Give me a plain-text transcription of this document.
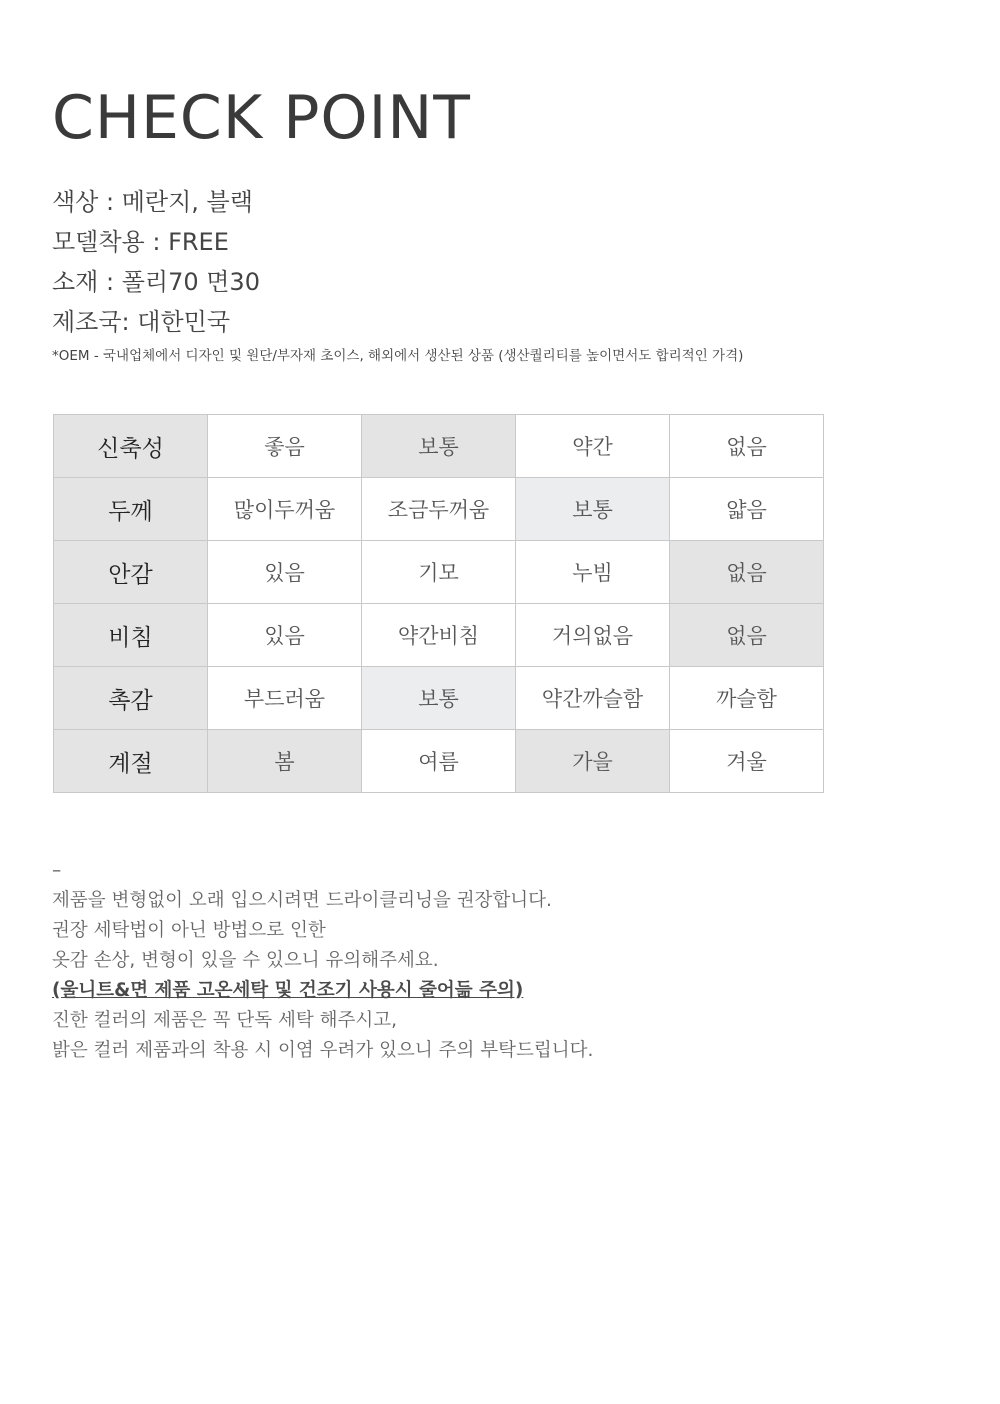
CHECK POINT
색상 : 메란지, 블랙
모델착용 : FREE
소재 : 폴리70 면30
제조국: 대한민국
*OEM - 국내업체에서 디자인 및 원단/부자재 초이스, 해외에서 생산된 상품 (생산퀄리티를 높이면서도 합리적인 가격)
신축성	좋음	보통	약간	없음
두께	많이두꺼움	조금두꺼움	보통	얇음
안감	있음	기모	누빔	없음
비침	있음	약간비침	거의없음	없음
촉감	부드러움	보통	약간까슬함	까슬함
계절	봄	여름	가을	겨울
–
제품을 변형없이 오래 입으시려면 드라이클리닝을 권장합니다.
권장 세탁법이 아닌 방법으로 인한
옷감 손상, 변형이 있을 수 있으니 유의해주세요.
(울니트&면 제품 고온세탁 및 건조기 사용시 줄어듦 주의)
진한 컬러의 제품은 꼭 단독 세탁 해주시고,
밝은 컬러 제품과의 착용 시 이염 우려가 있으니 주의 부탁드립니다.
